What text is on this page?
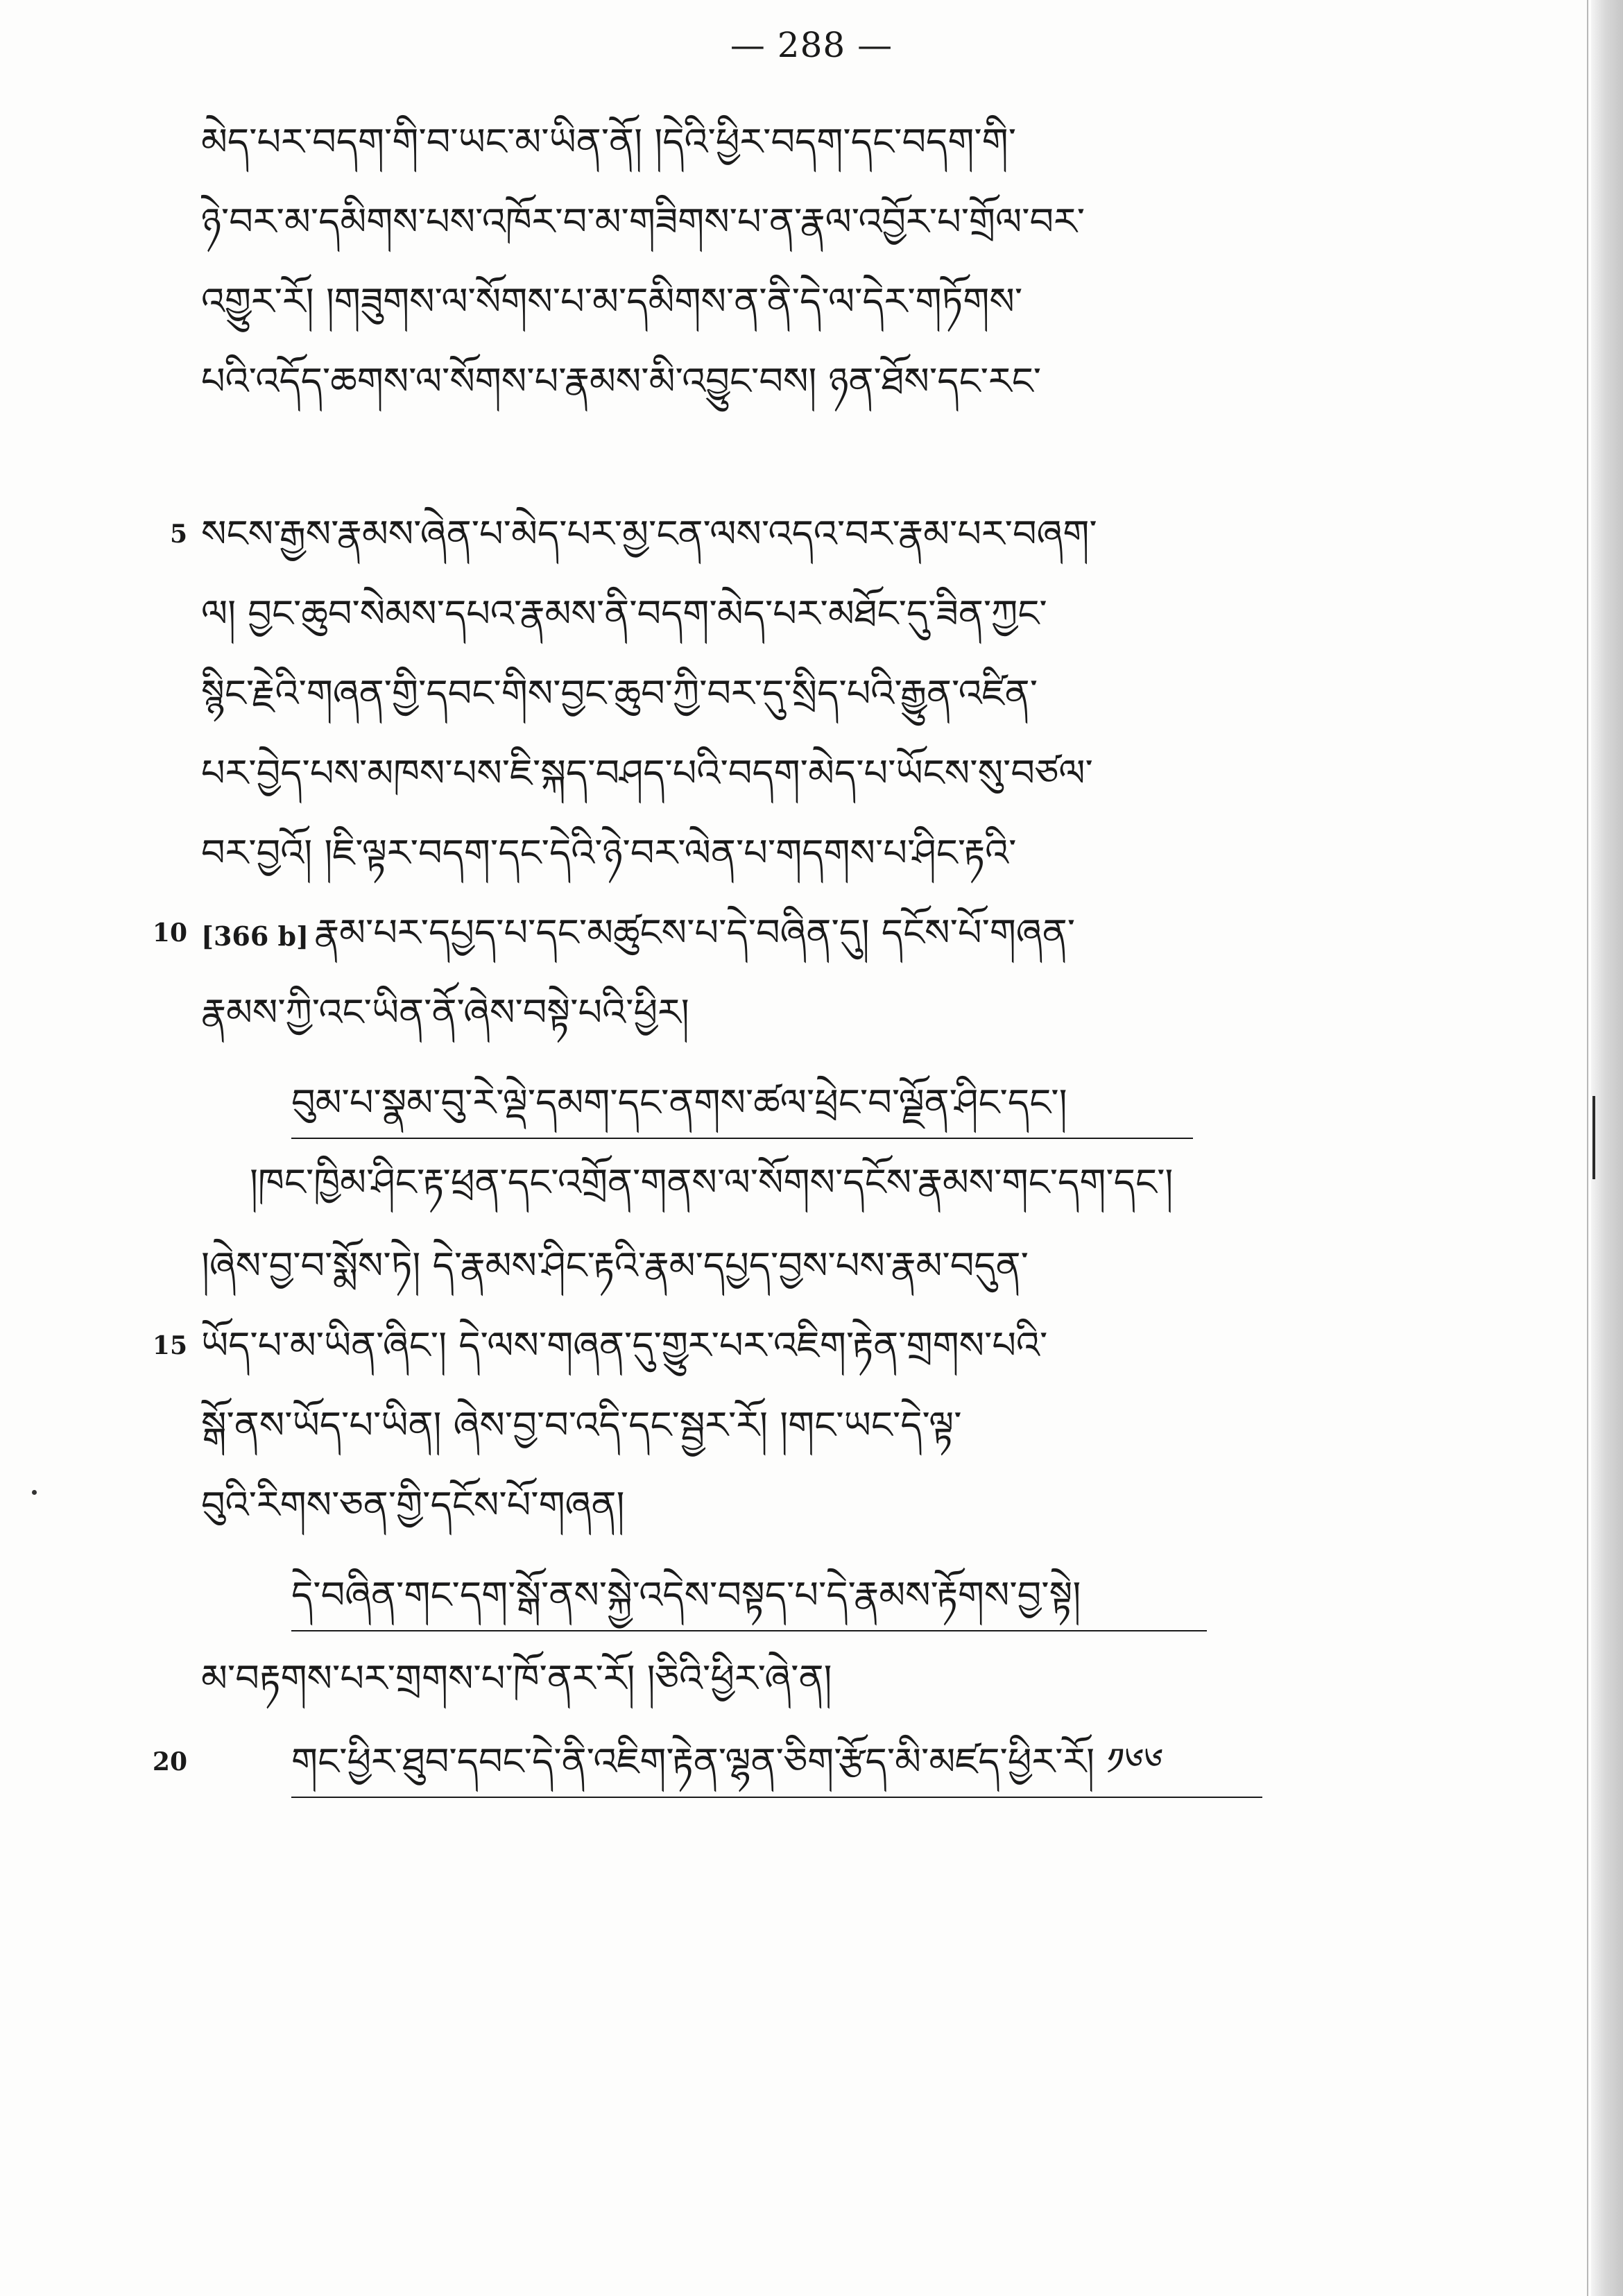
— 288 —
མེད་པར་བདག་གི་བ་ཡང་མ་ཡིན་ནོ། །དེའི་ཕྱིར་བདག་དང་བདག་གི་
ཉེ་བར་མ་དམིགས་པས་འཁོར་བ་མ་གཟིགས་པ་ན་རྣལ་འབྱོར་པ་གྲོལ་བར་
འགྱུར་རོ། །གཟུགས་ལ་སོགས་པ་མ་དམིགས་ན་ནི་དེ་ལ་དེར་གཏོགས་
པའི་འདོད་ཆགས་ལ་སོགས་པ་རྣམས་མི་འབྱུང་བས། ཉན་ཐོས་དང་རང་
5 སངས་རྒྱས་རྣམས་ཞེན་པ་མེད་པར་མྱ་ངན་ལས་འདའ་བར་རྣམ་པར་བཞག་
ལ། བྱང་ཆུབ་སེམས་དཔའ་རྣམས་ནི་བདག་མེད་པར་མཐོང་དུ་ཟིན་ཀྱང་
སྙིང་རྗེའི་གཞན་གྱི་དབང་གིས་བྱང་ཆུབ་ཀྱི་བར་དུ་སྲིད་པའི་རྒྱུན་འཛིན་
པར་བྱེད་པས་མཁས་པས་ཇི་སྐད་བཤད་པའི་བདག་མེད་པ་ཡོངས་སུ་བཙལ་
བར་བྱའོ། །ཇི་ལྟར་བདག་དང་དེའི་ཉེ་བར་ལེན་པ་གདགས་པ་ཤིང་རྟའི་
10 [366 b] རྣམ་པར་དཔྱད་པ་དང་མཚུངས་པ་དེ་བཞིན་དུ། དངོས་པོ་གཞན་
རྣམས་ཀྱི་འང་ཡིན་ནོ་ཞེས་བསྟེ་པའི་ཕྱིར།
བུམ་པ་སྣམ་བུ་རེ་ལྡེ་དམག་དང་ནགས་ཚལ་ཕྲེང་བ་ལྗོན་ཤིང་དང་།
།ཁང་ཁྱིམ་ཤིང་རྟ་ཕྲན་དང་འགྲོན་གནས་ལ་སོགས་དངོས་རྣམས་གང་དག་དང་།
།ཞེས་བྱ་བ་སྨོས་ཏེ། དེ་རྣམས་ཤིང་རྟའི་རྣམ་དཔྱད་བྱས་པས་རྣམ་བདུན་
15 ཡོད་པ་མ་ཡིན་ཞིང་། དེ་ལས་གཞན་དུ་གྱུར་པར་འཇིག་རྟེན་གྲགས་པའི་
སྒོ་ནས་ཡོད་པ་ཡིན། ཞེས་བྱ་བ་འདི་དང་སྦྱར་རོ། །གང་ཡང་དེ་ལྟ་
བུའི་རིགས་ཅན་གྱི་དངོས་པོ་གཞན།
དེ་བཞིན་གང་དག་སྒོ་ནས་སྐྱེ་འདེས་བསྟད་པ་དེ་རྣམས་རྟོགས་བྱ་སྟེ།
མ་བརྟགས་པར་གྲགས་པ་ཁོ་ནར་རོ། །ཅིའི་ཕྱིར་ཞེ་ན།
20	གང་ཕྱིར་ཐུབ་དབང་དེ་ནི་འཇིག་རྟེན་ལྷན་ཅིག་རྩོད་མི་མཛད་ཕྱིར་རོ། ༡༦༦
